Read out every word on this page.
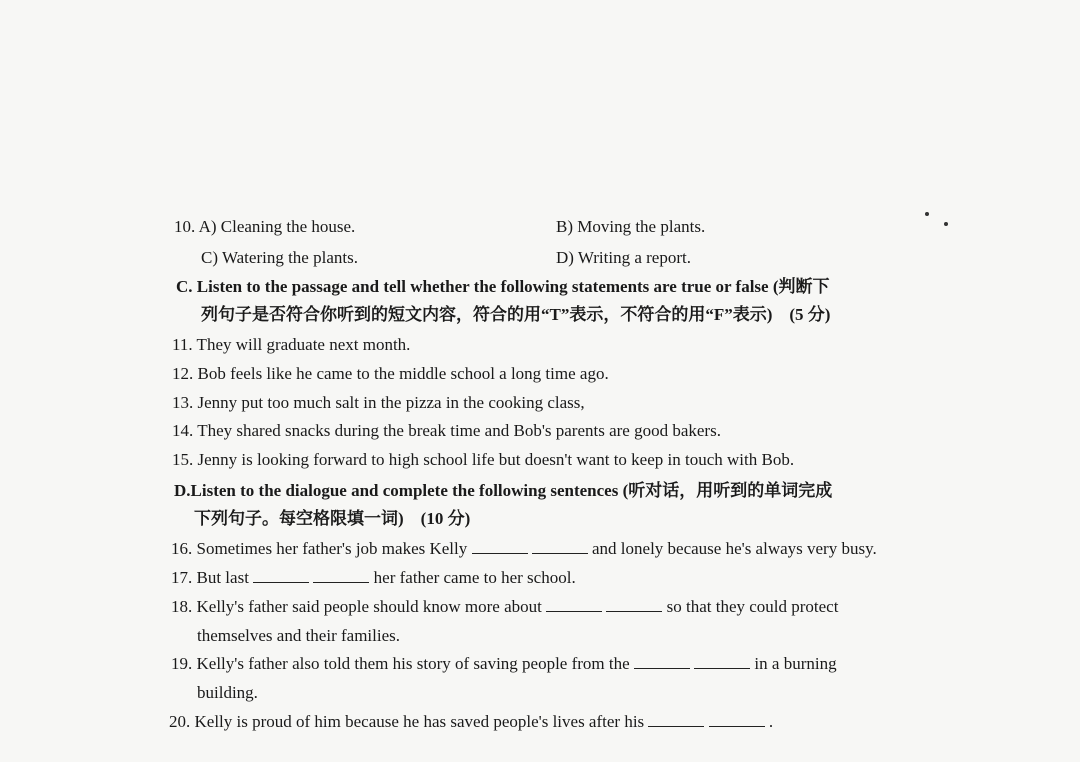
10. A) Cleaning the house.	B) Moving the plants.
C) Watering the plants.	D) Writing a report.
C. Listen to the passage and tell whether the following statements are true or false (判断下
列句子是否符合你听到的短文内容，符合的用“T”表示，不符合的用“F”表示)　(5 分)
11. They will graduate next month.
12. Bob feels like he came to the middle school a long time ago.
13. Jenny put too much salt in the pizza in the cooking class,
14. They shared snacks during the break time and Bob's parents are good bakers.
15. Jenny is looking forward to high school life but doesn't want to keep in touch with Bob.
D.Listen to the dialogue and complete the following sentences (听对话，用听到的单词完成
下列句子。每空格限填一词)　(10 分)
16. Sometimes her father's job makes Kelly	and lonely because he's always very busy.
17. But last	her father came to her school.
18. Kelly's father said people should know more about	so that they could protect
themselves and their families.
19. Kelly's father also told them his story of saving people from the	in a burning
building.
20. Kelly is proud of him because he has saved people's lives after his	.
